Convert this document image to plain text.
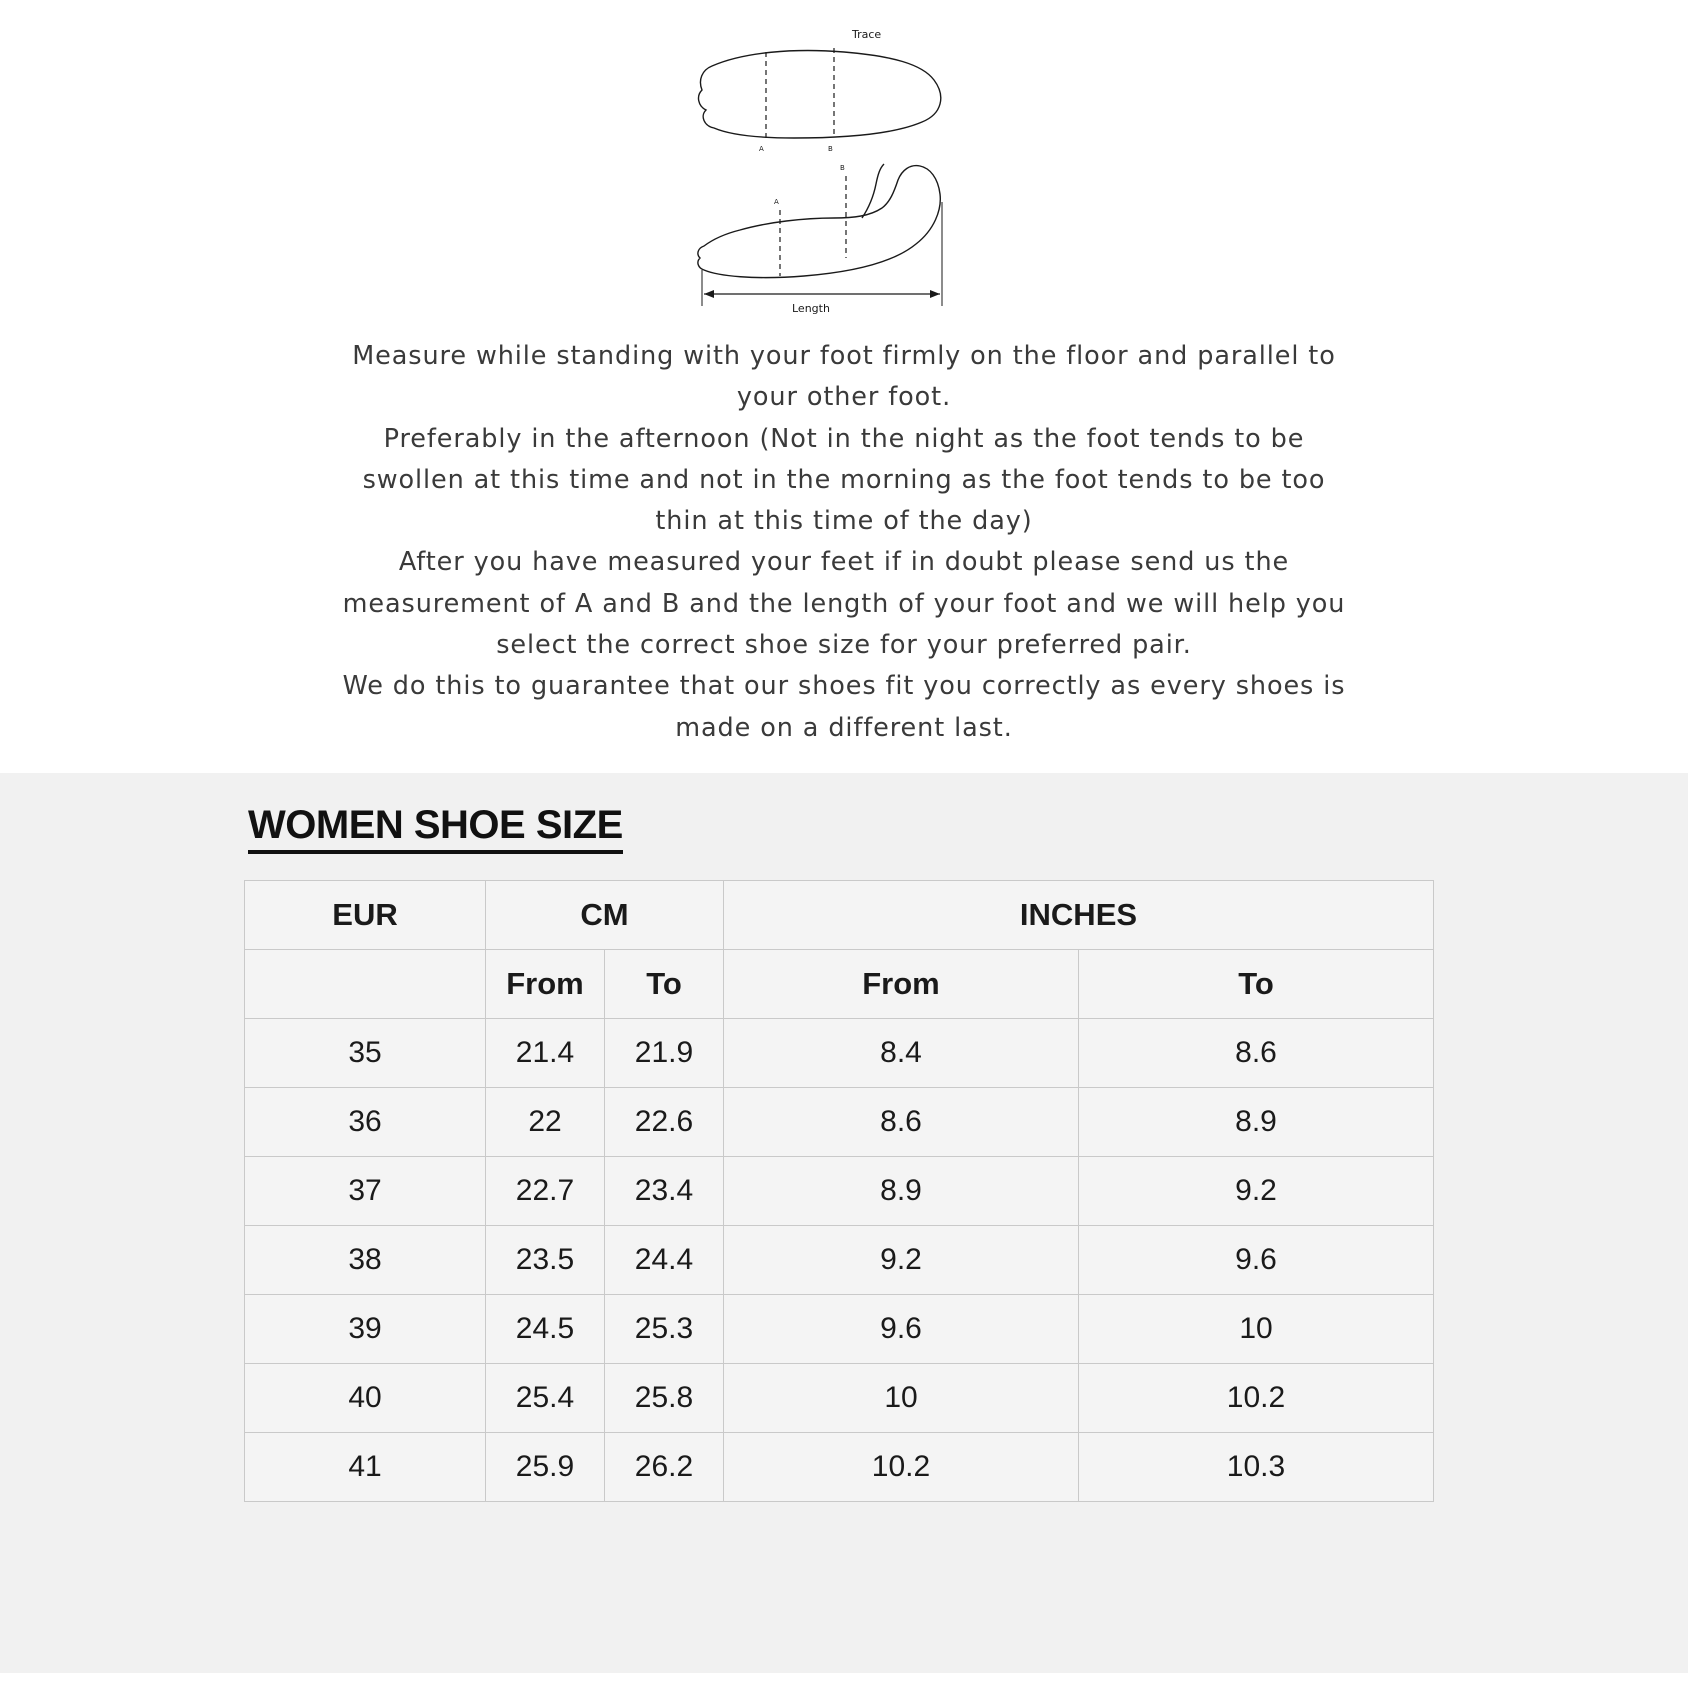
A	B
Trace
A
B
Length

Measure while standing with your foot firmly on the floor and parallel to

your other foot.

Preferably in the afternoon (Not in the night as the foot tends to be

swollen at this time and not in the morning as the foot tends to be too

thin at this time of the day)

After you have measured your feet if in doubt please send us the

measurement of A and B and the length of your foot and we will help you

select the correct shoe size for your preferred pair.

We do this to guarantee that our shoes fit you correctly as every shoes is

made on a different last.

WOMEN SHOE SIZE
EUR	CM		INCHES	
	From	To	From	To
35	21.4	21.9	8.4	8.6
36	22	22.6	8.6	8.9
37	22.7	23.4	8.9	9.2
38	23.5	24.4	9.2	9.6
39	24.5	25.3	9.6	10
40	25.4	25.8	10	10.2
41	25.9	26.2	10.2	10.3
